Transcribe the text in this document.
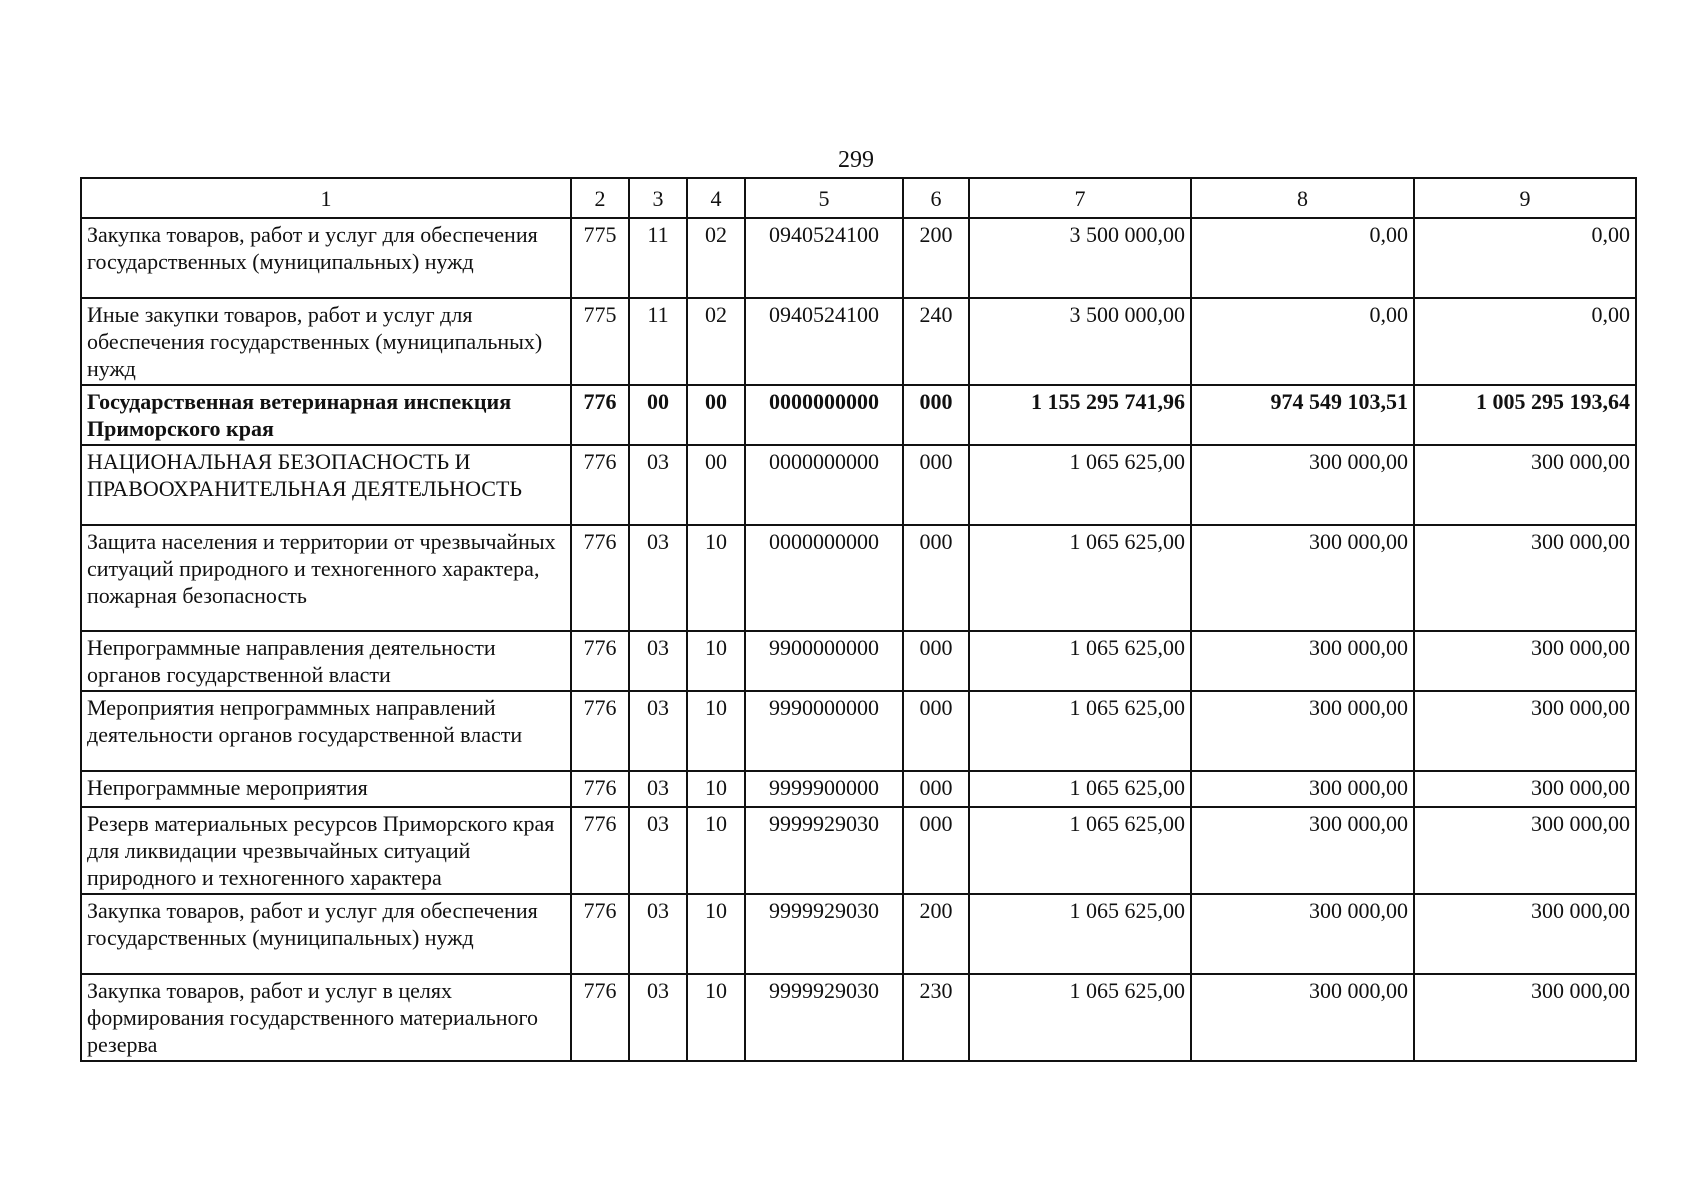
299
1	2	3	4	5	6	7	8	9
Закупка товаров, работ и услуг для обеспечения государственных (муниципальных) нужд	775	11	02	0940524100	200	3 500 000,00	0,00	0,00
Иные закупки товаров, работ и услуг для обеспечения государственных (муниципальных) нужд	775	11	02	0940524100	240	3 500 000,00	0,00	0,00
Государственная ветеринарная инспекция Приморского края	776	00	00	0000000000	000	1 155 295 741,96	974 549 103,51	1 005 295 193,64
НАЦИОНАЛЬНАЯ БЕЗОПАСНОСТЬ И ПРАВООХРАНИТЕЛЬНАЯ ДЕЯТЕЛЬНОСТЬ	776	03	00	0000000000	000	1 065 625,00	300 000,00	300 000,00
Защита населения и территории от чрезвычайных ситуаций природного и техногенного характера, пожарная безопасность	776	03	10	0000000000	000	1 065 625,00	300 000,00	300 000,00
Непрограммные направления деятельности органов государственной власти	776	03	10	9900000000	000	1 065 625,00	300 000,00	300 000,00
Мероприятия непрограммных направлений деятельности органов государственной власти	776	03	10	9990000000	000	1 065 625,00	300 000,00	300 000,00
Непрограммные мероприятия	776	03	10	9999900000	000	1 065 625,00	300 000,00	300 000,00
Резерв материальных ресурсов Приморского края для ликвидации чрезвычайных ситуаций природного и техногенного характера	776	03	10	9999929030	000	1 065 625,00	300 000,00	300 000,00
Закупка товаров, работ и услуг для обеспечения государственных (муниципальных) нужд	776	03	10	9999929030	200	1 065 625,00	300 000,00	300 000,00
Закупка товаров, работ и услуг в целях формирования государственного материального резерва	776	03	10	9999929030	230	1 065 625,00	300 000,00	300 000,00
